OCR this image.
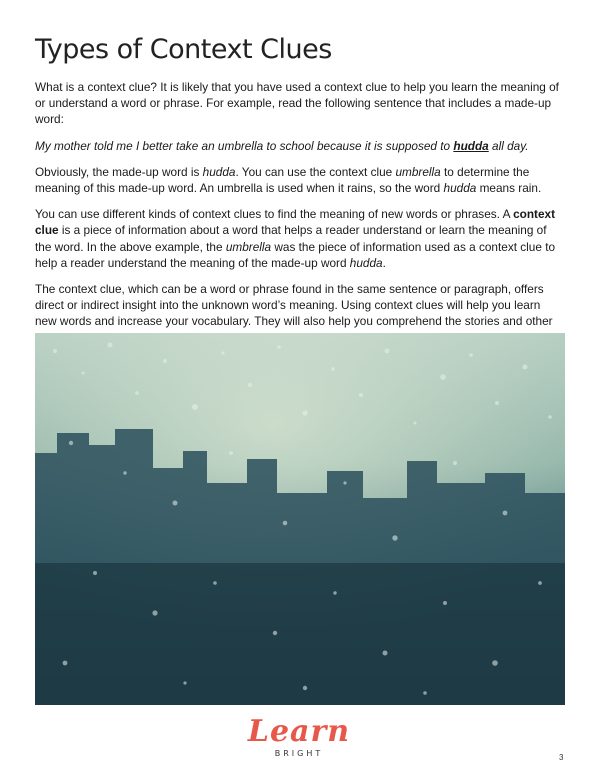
Types of Context Clues

What is a context clue? It is likely that you have used a context clue to help you learn the meaning of or understand a word or phrase. For example, read the following sentence that includes a made-up word:

My mother told me I better take an umbrella to school because it is supposed to hudda all day.

Obviously, the made-up word is hudda. You can use the context clue umbrella to determine the meaning of this made-up word. An umbrella is used when it rains, so the word hudda means rain.

You can use different kinds of context clues to find the meaning of new words or phrases. A context clue is a piece of information about a word that helps a reader understand or learn the meaning of the word. In the above example, the umbrella was the piece of information used as a context clue to help a reader understand the meaning of the made-up word hudda.

The context clue, which can be a word or phrase found in the same sentence or paragraph, offers direct or indirect insight into the unknown word’s meaning. Using context clues will help you learn new words and increase your vocabulary. They will also help you comprehend the stories and other

Learn
BRIGHT	3
